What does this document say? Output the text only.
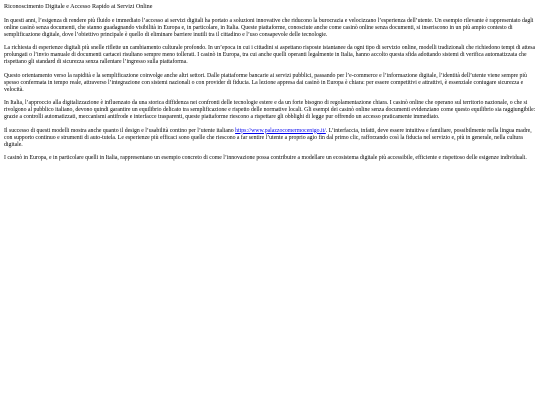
Riconoscimento Digitale e Accesso Rapido ai Servizi Online

In questi anni, l’esigenza di rendere più fluido e immediato l’accesso ai servizi digitali ha portato a soluzioni innovative che riducono la burocrazia e velocizzano l’esperienza dell’utente. Un esempio rilevante è rappresentato dagli online casinò senza documenti, che stanno guadagnando visibilità in Europa e, in particolare, in Italia. Queste piattaforme, conosciute anche come casinò online senza documenti, si inseriscono in un più ampio contesto di semplificazione digitale, dove l’obiettivo principale è quello di eliminare barriere inutili tra il cittadino e l’uso consapevole delle tecnologie.

La richiesta di esperienze digitali più snelle riflette un cambiamento culturale profondo. In un’epoca in cui i cittadini si aspettano risposte istantanee da ogni tipo di servizio online, modelli tradizionali che richiedono tempi di attesa prolungati o l’invio manuale di documenti cartacei risultano sempre meno tollerati. I casinò in Europa, tra cui anche quelli operanti legalmente in Italia, hanno accolto questa sfida adottando sistemi di verifica automatizzata che rispettano gli standard di sicurezza senza rallentare l’ingresso sulla piattaforma.

Questo orientamento verso la rapidità e la semplificazione coinvolge anche altri settori. Dalle piattaforme bancarie ai servizi pubblici, passando per l’e-commerce e l’informazione digitale, l’identità dell’utente viene sempre più spesso confermata in tempo reale, attraverso l’integrazione con sistemi nazionali o con provider di fiducia. La lezione appresa dai casinò in Europa è chiara: per essere competitivi e attrattivi, è essenziale coniugare sicurezza e velocità.

In Italia, l’approccio alla digitalizzazione è influenzato da una storica diffidenza nei confronti delle tecnologie estere e da un forte bisogno di regolamentazione chiara. I casinò online che operano sul territorio nazionale, o che si rivolgono al pubblico italiano, devono quindi garantire un equilibrio delicato tra semplificazione e rispetto delle normative locali. Gli esempi dei casinò online senza documenti evidenziano come questo equilibrio sia raggiungibile: grazie a controlli automatizzati, meccanismi antifrode e interfacce trasparenti, queste piattaforme riescono a rispettare gli obblighi di legge pur offrendo un accesso praticamente immediato.

Il successo di questi modelli mostra anche quanto il design e l’usabilità contino per l’utente italiano https://www.palazzocomermocenigo.it/. L’interfaccia, infatti, deve essere intuitiva e familiare, possibilmente nella lingua madre, con supporto continuo e strumenti di auto-tutela. Le esperienze più efficaci sono quelle che riescono a far sentire l’utente a proprio agio fin dal primo clic, rafforzando così la fiducia nel servizio e, più in generale, nella cultura digitale.

I casinò in Europa, e in particolare quelli in Italia, rappresentano un esempio concreto di come l’innovazione possa contribuire a modellare un ecosistema digitale più accessibile, efficiente e rispettoso delle esigenze individuali.
